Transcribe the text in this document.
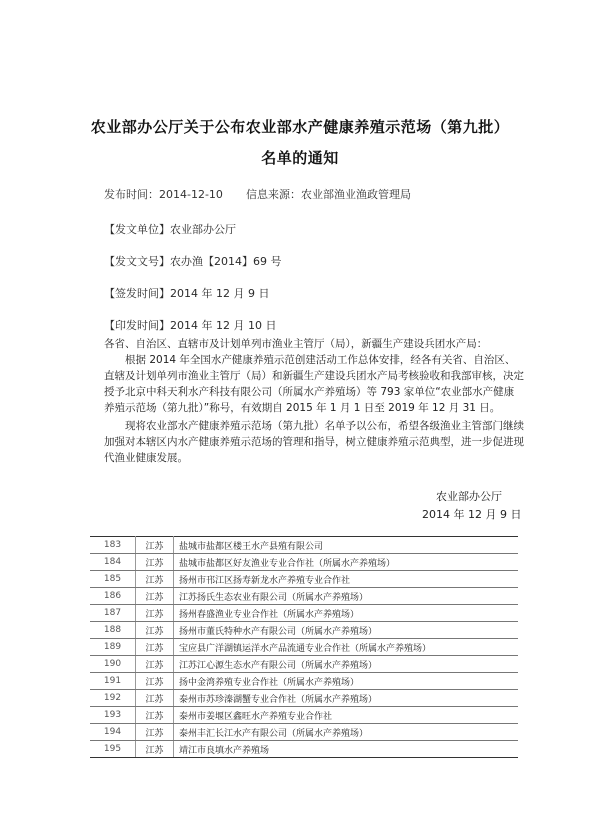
农业部办公厅关于公布农业部水产健康养殖示范场（第九批）
名单的通知
发布时间：2014-12-10 信息来源：农业部渔业渔政管理局
【发文单位】农业部办公厅
【发文文号】农办渔【2014】69 号
【签发时间】2014 年 12 月 9 日
【印发时间】2014 年 12 月 10 日
各省、自治区、直辖市及计划单列市渔业主管厅（局），新疆生产建设兵团水产局：
根据 2014 年全国水产健康养殖示范创建活动工作总体安排，经各有关省、自治区、直辖及计划单列市渔业主管厅（局）和新疆生产建设兵团水产局考核验收和我部审核，决定授予北京中科天利水产科技有限公司（所属水产养殖场）等 793 家单位“农业部水产健康养殖示范场（第九批）”称号，有效期自 2015 年 1 月 1 日至 2019 年 12 月 31 日。
现将农业部水产健康养殖示范场（第九批）名单予以公布，希望各级渔业主管部门继续加强对本辖区内水产健康养殖示范场的管理和指导，树立健康养殖示范典型，进一步促进现代渔业健康发展。
农业部办公厅
2014 年 12 月 9 日
183	江苏	盐城市盐都区楼王水产县殖有限公司
184	江苏	盐城市盐都区好友渔业专业合作社（所属水产养殖场）
185	江苏	扬州市邗江区扬寿新龙水产养殖专业合作社
186	江苏	江苏扬氏生态农业有限公司（所属水产养殖场）
187	江苏	扬州春盛渔业专业合作社（所属水产养殖场）
188	江苏	扬州市董氏特种水产有限公司（所属水产养殖场）
189	江苏	宝应县广洋湖镇运洋水产品流通专业合作社（所属水产养殖场）
190	江苏	江苏江心源生态水产有限公司（所属水产养殖场）
191	江苏	扬中金湾养殖专业合作社（所属水产养殖场）
192	江苏	泰州市苏珍溱湖蟹专业合作社（所属水产养殖场）
193	江苏	泰州市姜堰区鑫旺水产养殖专业合作社
194	江苏	泰州丰汇长江水产有限公司（所属水产养殖场）
195	江苏	靖江市良填水产养殖场
